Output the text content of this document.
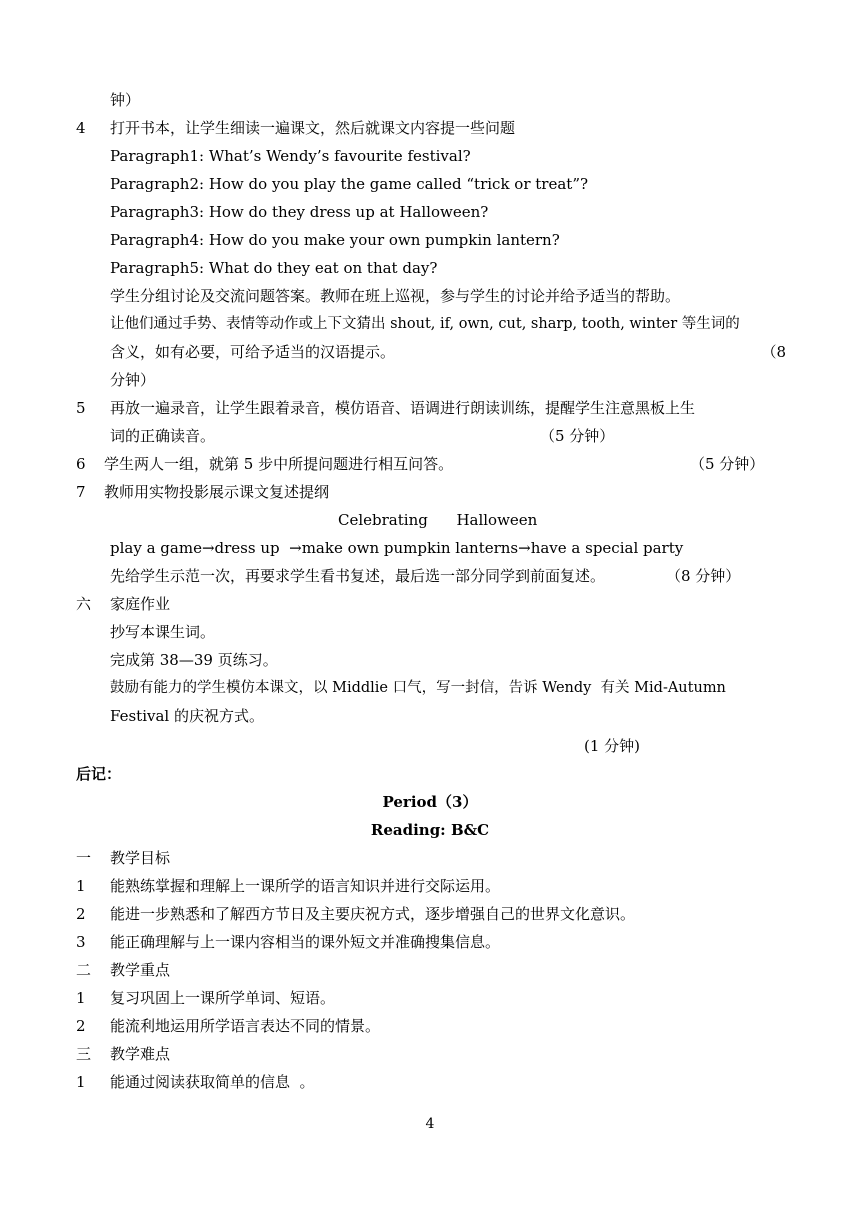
钟）
4 打开书本，让学生细读一遍课文，然后就课文内容提一些问题
Paragraph1: What’s Wendy’s favourite festival?
Paragraph2: How do you play the game called “trick or treat”?
Paragraph3: How do they dress up at Halloween?
Paragraph4: How do you make your own pumpkin lantern?
Paragraph5: What do they eat on that day?
学生分组讨论及交流问题答案。教师在班上巡视，参与学生的讨论并给予适当的帮助。
让他们通过手势、表情等动作或上下文猜出 shout, if, own, cut, sharp, tooth, winter 等生词的
含义，如有必要，可给予适当的汉语提示。	（8
分钟）
5 再放一遍录音，让学生跟着录音，模仿语音、语调进行朗读训练，提醒学生注意黑板上生
词的正确读音。	（5 分钟）
6 学生两人一组，就第 5 步中所提问题进行相互问答。	（5 分钟）
7 教师用实物投影展示课文复述提纲
Celebrating      Halloween
play a game→dress up  →make own pumpkin lanterns→have a special party
先给学生示范一次，再要求学生看书复述，最后选一部分同学到前面复述。	（8 分钟）
六 家庭作业
抄写本课生词。
完成第 38—39 页练习。
鼓励有能力的学生模仿本课文，以 Middlie 口气，写一封信，告诉 Wendy  有关 Mid-Autumn
Festival 的庆祝方式。
(1 分钟)
后记：
Period（3）
Reading: B&C
一 教学目标
1 能熟练掌握和理解上一课所学的语言知识并进行交际运用。
2 能进一步熟悉和了解西方节日及主要庆祝方式，逐步增强自己的世界文化意识。
3 能正确理解与上一课内容相当的课外短文并准确搜集信息。
二 教学重点
1 复习巩固上一课所学单词、短语。
2 能流利地运用所学语言表达不同的情景。
三 教学难点
1 能通过阅读获取简单的信息  。
4
